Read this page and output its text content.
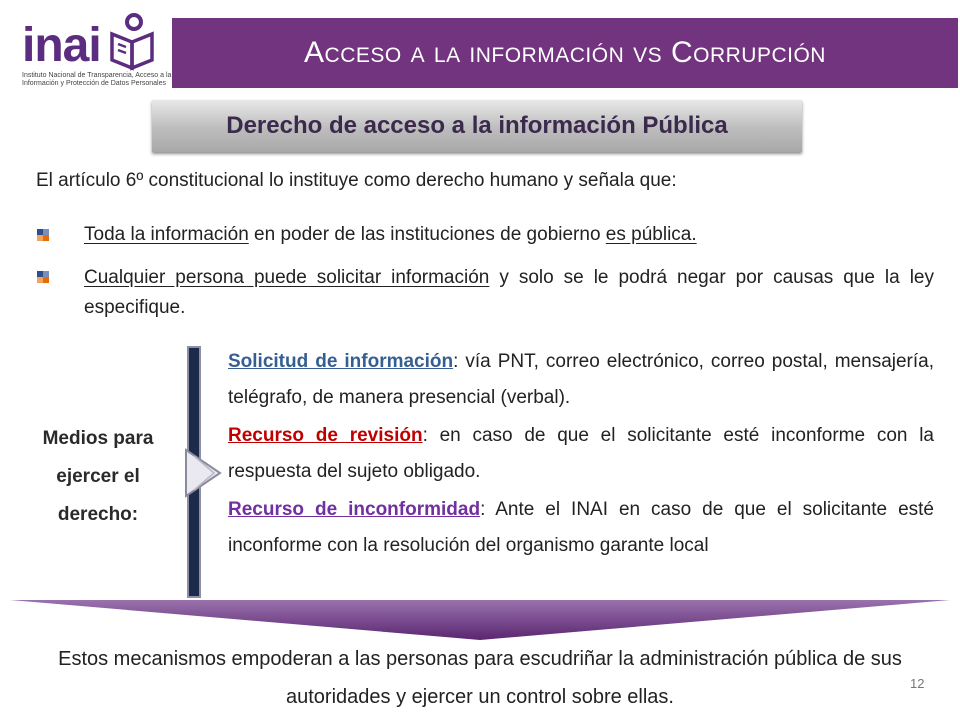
inai
Instituto Nacional de Transparencia, Acceso a la Información y Protección de Datos Personales
Acceso a la información vs Corrupción
Derecho de acceso a la información Pública
El artículo 6º constitucional lo instituye como derecho humano y señala que:
Toda la información en poder de las instituciones de gobierno es pública.
Cualquier persona puede solicitar información y solo se le podrá negar por causas que la ley especifique.
Medios para ejercer el derecho:
Solicitud de información: vía PNT, correo electrónico, correo postal, mensajería, telégrafo, de manera presencial (verbal).
Recurso de revisión: en caso de que el solicitante esté inconforme con la respuesta del sujeto obligado.
Recurso de inconformidad: Ante el INAI en caso de que el solicitante esté inconforme con la resolución del organismo garante local
Estos mecanismos empoderan a las personas para escudriñar la administración pública de sus autoridades y ejercer un control sobre ellas.
12
